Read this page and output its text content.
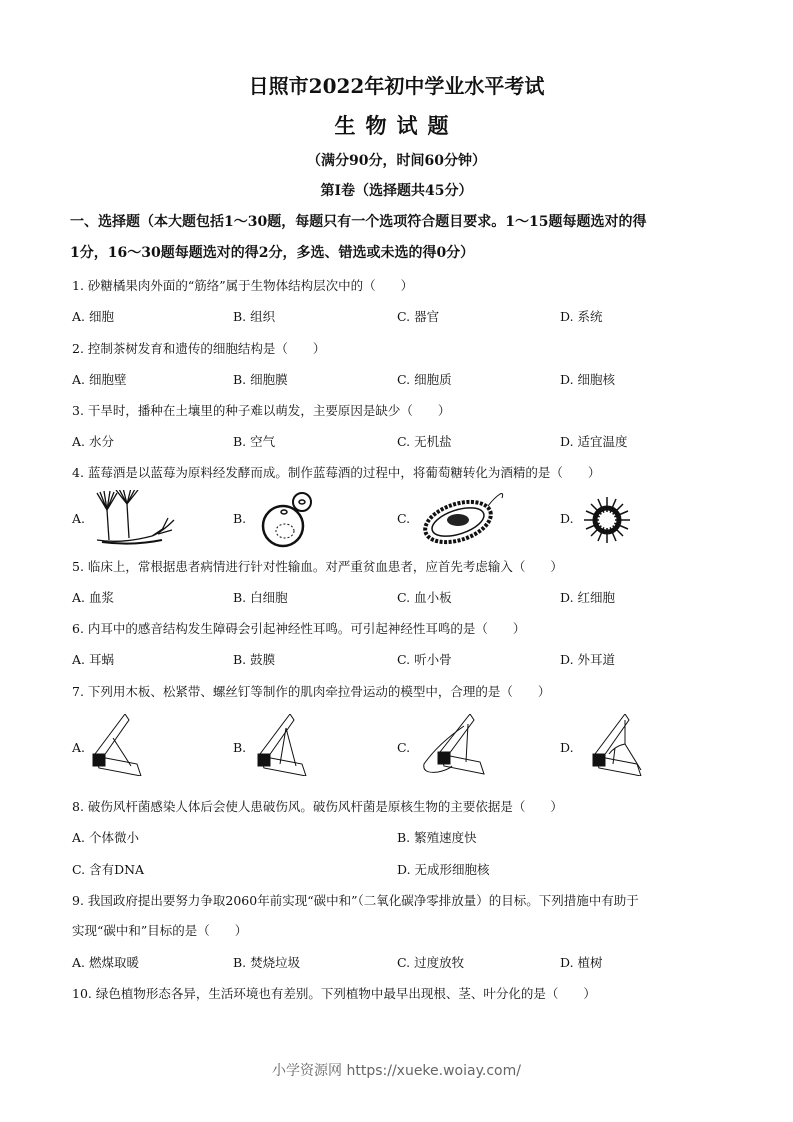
日照市2022年初中学业水平考试
生物试题
（满分90分，时间60分钟）
第Ⅰ卷（选择题共45分）
一、选择题（本大题包括1～30题，每题只有一个选项符合题目要求。1～15题每题选对的得
1分，16～30题每题选对的得2分，多选、错选或未选的得0分）
1. 砂糖橘果肉外面的“筋络”属于生物体结构层次中的（　　）
A. 细胞	B. 组织	C. 器官	D. 系统
2. 控制茶树发育和遗传的细胞结构是（　　）
A. 细胞壁	B. 细胞膜	C. 细胞质	D. 细胞核
3. 干旱时，播种在土壤里的种子难以萌发，主要原因是缺少（　　）
A. 水分	B. 空气	C. 无机盐	D. 适宜温度
4. 蓝莓酒是以蓝莓为原料经发酵而成。制作蓝莓酒的过程中，将葡萄糖转化为酒精的是（　　）
A.	B.	C.	D.
5. 临床上，常根据患者病情进行针对性输血。对严重贫血患者，应首先考虑输入（　　）
A. 血浆	B. 白细胞	C. 血小板	D. 红细胞
6. 内耳中的感音结构发生障碍会引起神经性耳鸣。可引起神经性耳鸣的是（　　）
A. 耳蜗	B. 鼓膜	C. 听小骨	D. 外耳道
7. 下列用木板、松紧带、螺丝钉等制作的肌肉牵拉骨运动的模型中，合理的是（　　）
A.	B.	C.	D.
8. 破伤风杆菌感染人体后会使人患破伤风。破伤风杆菌是原核生物的主要依据是（　　）
A. 个体微小	B. 繁殖速度快
C. 含有DNA	D. 无成形细胞核
9. 我国政府提出要努力争取2060年前实现“碳中和”（二氧化碳净零排放量）的目标。下列措施中有助于
实现“碳中和”目标的是（　　）
A. 燃煤取暖	B. 焚烧垃圾	C. 过度放牧	D. 植树
10. 绿色植物形态各异，生活环境也有差别。下列植物中最早出现根、茎、叶分化的是（　　）
小学资源网 https://xueke.woiay.com/
